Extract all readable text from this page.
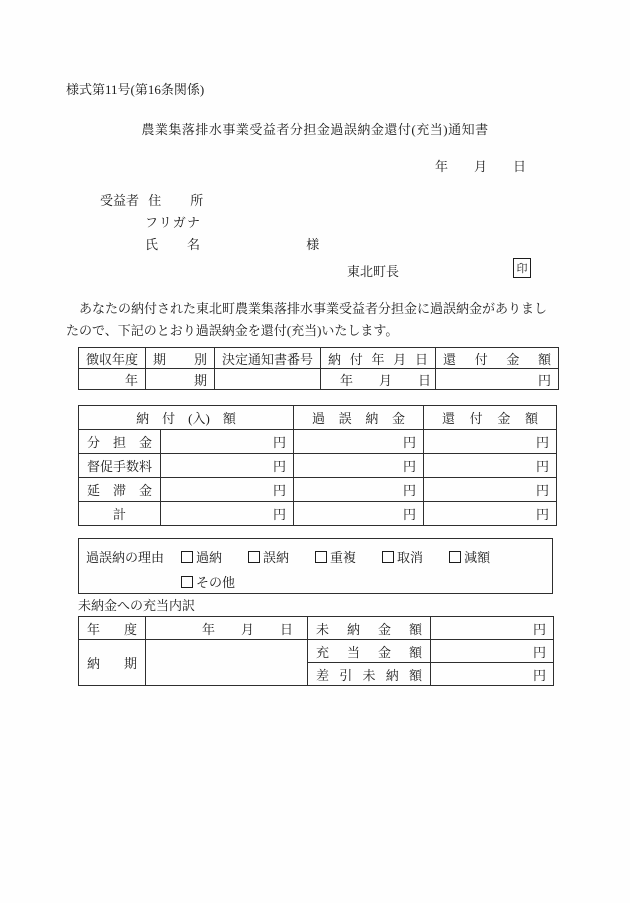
様式第11号(第16条関係)
農業集落排水事業受益者分担金過誤納金還付(充当)通知書
年　　月　　日
受益者 住所
フリガナ
氏名	様
東北町長	印

あなたの納付された東北町農業集落排水事業受益者分担金に過誤納金がありましたので、下記のとおり過誤納金を還付(充当)いたします。

徴収年度	期別	決定通知書番号	納付年月日	還付金額
年	期		年　　月　　日	円
納　付　(入)　額		過誤納金	還付金額
分担金	円	円	円
督促手数料	円	円	円
延滞金	円	円	円
計	円	円	円
過誤納の理由 過納	誤納	重複	取消	減額
その他
未納金への充当内訳
年度	年　　月　　日	未納金額	円
納期		充当金額	円
		差引未納額	円
